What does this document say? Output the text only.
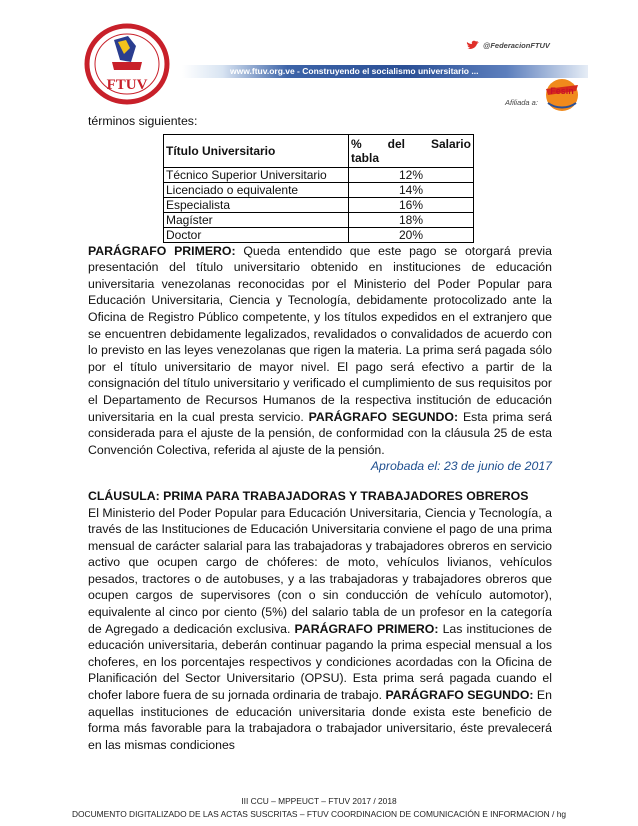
FTUV
@FederacionFTUV
www.ftuv.org.ve - Construyendo el socialismo universitario ...
Afiliada a:
Fesin

términos siguientes:

Título Universitario	% del Salario
tabla

Técnico Superior Universitario	12%
Licenciado o equivalente	14%
Especialista	16%
Magíster	18%
Doctor	20%

PARÁGRAFO PRIMERO: Queda entendido que este pago se otorgará previa presentación del título universitario obtenido en instituciones de educación universitaria venezolanas reconocidas por el Ministerio del Poder Popular para Educación Universitaria, Ciencia y Tecnología, debidamente protocolizado ante la Oficina de Registro Público competente, y los títulos expedidos en el extranjero que se encuentren debidamente legalizados, revalidados o convalidados de acuerdo con lo previsto en las leyes venezolanas que rigen la materia. La prima será pagada sólo por el título universitario de mayor nivel. El pago será efectivo a partir de la consignación del título universitario y verificado el cumplimiento de sus requisitos por el Departamento de Recursos Humanos de la respectiva institución de educación universitaria en la cual presta servicio. PARÁGRAFO SEGUNDO: Esta prima será considerada para el ajuste de la pensión, de conformidad con la cláusula 25 de esta Convención Colectiva, referida al ajuste de la pensión.

Aprobada el: 23 de junio de 2017

CLÁUSULA: PRIMA PARA TRABAJADORAS Y TRABAJADORES OBREROS

El Ministerio del Poder Popular para Educación Universitaria, Ciencia y Tecnología, a través de las Instituciones de Educación Universitaria conviene el pago de una prima mensual de carácter salarial para las trabajadoras y trabajadores obreros en servicio activo que ocupen cargo de chóferes: de moto, vehículos livianos, vehículos pesados, tractores o de autobuses, y a las trabajadoras y trabajadores obreros que ocupen cargos de supervisores (con o sin conducción de vehículo automotor), equivalente al cinco por ciento (5%) del salario tabla de un profesor en la categoría de Agregado a dedicación exclusiva. PARÁGRAFO PRIMERO: Las instituciones de educación universitaria, deberán continuar pagando la prima especial mensual a los choferes, en los porcentajes respectivos y condiciones acordadas con la Oficina de Planificación del Sector Universitario (OPSU). Esta prima será pagada cuando el chofer labore fuera de su jornada ordinaria de trabajo. PARÁGRAFO SEGUNDO: En aquellas instituciones de educación universitaria donde exista este beneficio de forma más favorable para la trabajadora o trabajador universitario, éste prevalecerá en las mismas condiciones

III CCU – MPPEUCT – FTUV 2017 / 2018
DOCUMENTO DIGITALIZADO DE LAS ACTAS SUSCRITAS – FTUV COORDINACION DE COMUNICACIÓN E INFORMACION / hg
